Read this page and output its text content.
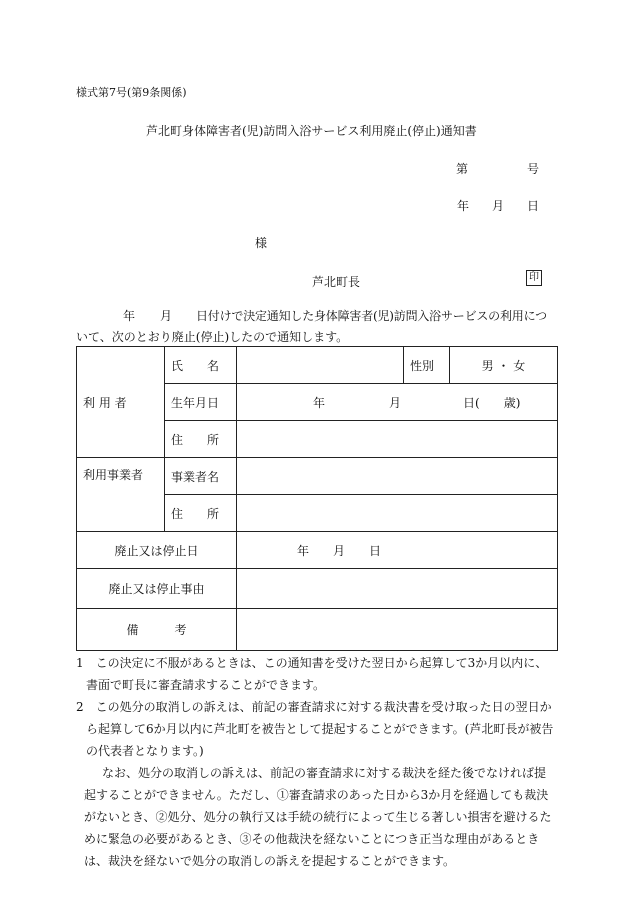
様式第7号(第9条関係)
芦北町身体障害者(児)訪問入浴サービス利用廃止(停止)通知書
第	号
年 月 日
様
芦北町長	印
年 月 日付けで決定通知した身体障害者(児)訪問入浴サービスの利用につ
いて、次のとおり廃止(停止)したので通知します。
利 用 者	氏　　名		性別	男 ・ 女
	生年月日	年 月 日(　　歳)		
	住　　所			
利用事業者	事業者名			
	住　　所			
廃止又は停止日		年　　月　　日		
廃止又は停止事由				
備　　　考				
1　 この決定に不服があるときは、この通知書を受けた翌日から起算して3か月以内に、書面で町長に審査請求することができます。
2　 この処分の取消しの訴えは、前記の審査請求に対する裁決書を受け取った日の翌日から起算して6か月以内に芦北町を被告として提起することができます。(芦北町長が被告の代表者となります。)
なお、処分の取消しの訴えは、前記の審査請求に対する裁決を経た後でなければ提起することができません。ただし、①審査請求のあった日から3か月を経過しても裁決がないとき、②処分、処分の執行又は手続の続行によって生じる著しい損害を避けるために緊急の必要があるとき、③その他裁決を経ないことにつき正当な理由があるときは、裁決を経ないで処分の取消しの訴えを提起することができます。
